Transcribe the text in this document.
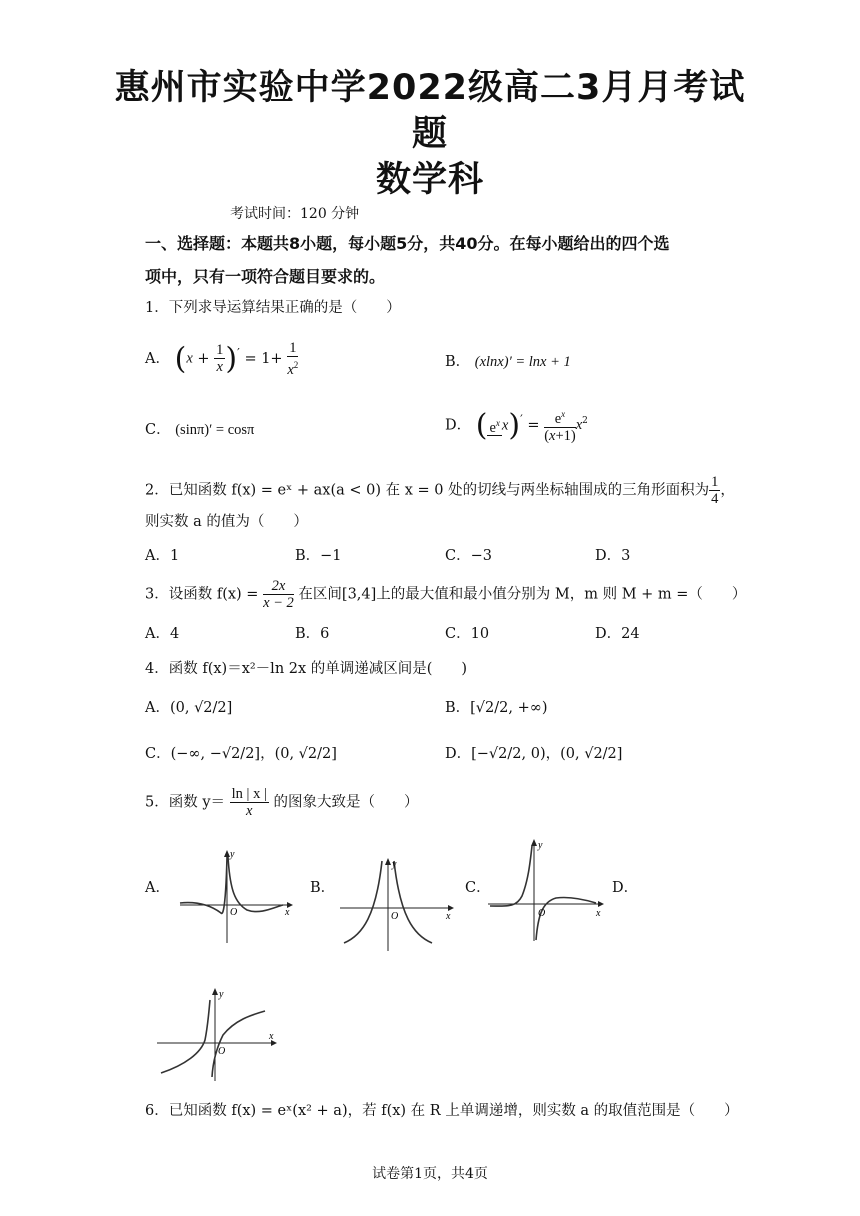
惠州市实验中学2022级高二3月月考试
题
数学科
考试时间：120 分钟
一、选择题：本题共8小题，每小题5分，共40分。在每小题给出的四个选
项中，只有一项符合题目要求的。
1．下列求导运算结果正确的是（　　）
A． $(x + \frac{1}{x} )' = 1+ \frac{1}{x^2}$	B． (xlnx)′ = lnx + 1
C． (sinπ)′ = cosπ	D． ( $e^x$ $x)' = e^x$
$(x+1)x^2$
2．已知函数 f(x) = eˣ + ax(a < 0) 在 x = 0 处的切线与两坐标轴围成的三角形面积为 $\frac{1}{4}$ ，
则实数 a 的值为（　　）
A．1	B．−1	C．−3	D．3
3．设函数 $f(x) = \frac{2x}{x - 2}$ 在区间[3,4]上的最大值和最小值分别为 M，m 则 M + m =（　　）
A．4	B．6	C．10	D．24
4．函数 f(x)＝x²－ln 2x 的单调递减区间是(　　)
A．(0, √2/2]	B．[√2/2, +∞)
C．(−∞, −√2/2]，(0, √2/2]	D．[−√2/2, 0)，(0, √2/2]
5．函数 $y= \frac{\ln | x |}{x}$ 的图象大致是（　　）
A．	B．	C．	D．
y
x
O
y
x
O
y
x
O
y
x
O
6．已知函数 f(x) = eˣ(x² + a)，若 f(x) 在 R 上单调递增，则实数 a 的取值范围是（　　）
试卷第1页，共4页
